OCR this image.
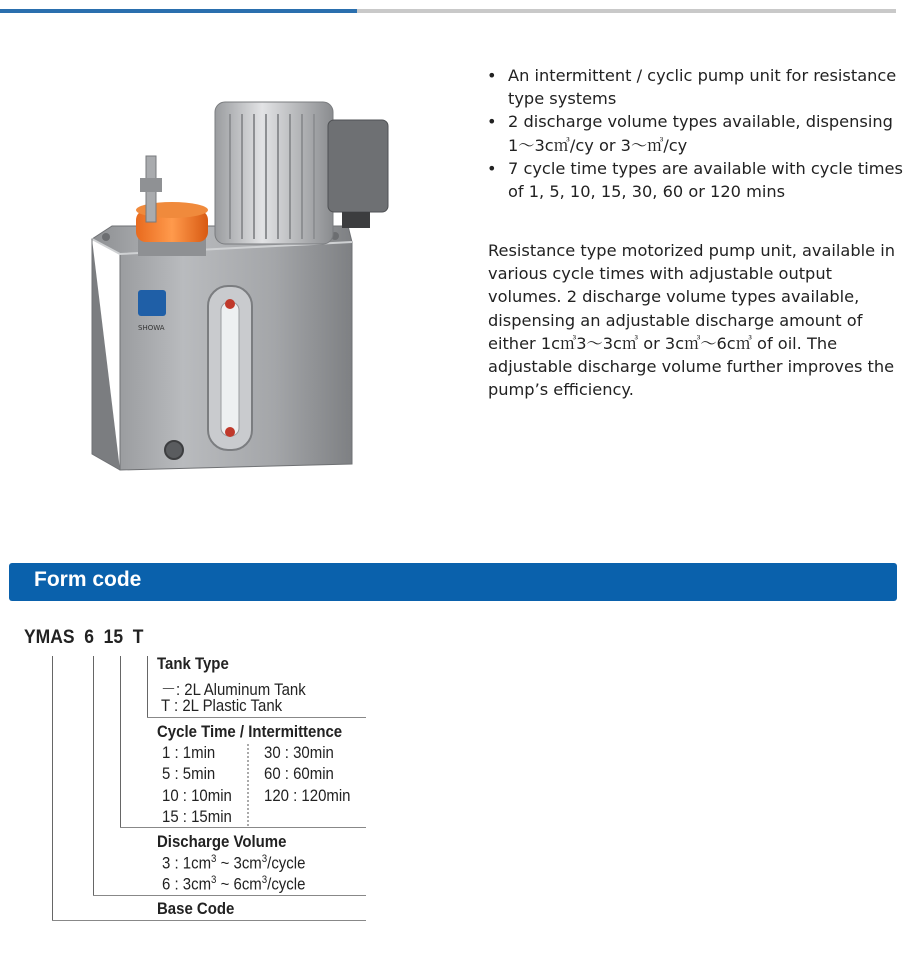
SHOWA
• An intermittent / cyclic pump unit for resistance type systems
• 2 discharge volume types available, dispensing 1～3c㎥/cy or 3～㎥/cy
• 7 cycle time types are available with cycle times of 1, 5, 10, 15, 30, 60 or 120 mins

Resistance type motorized pump unit, available in various cycle times with adjustable output volumes. 2 discharge volume types available, dispensing an adjustable discharge amount of either 1c㎥3～3c㎥ or 3c㎥～6c㎥ of oil. The adjustable discharge volume further improves the pump’s efficiency.

Form code
YMAS  6  15  T
Tank Type
－: 2L Aluminum Tank
T : 2L Plastic Tank
Cycle Time / Intermittence
1 : 1min
5 : 5min
10 : 10min
15 : 15min
30 : 30min
60 : 60min
120 : 120min
Discharge Volume
3 : $1cm^3$ ~ $3cm^3$/cycle
6 : $3cm^3$ ~ $6cm^3$/cycle
Base Code
